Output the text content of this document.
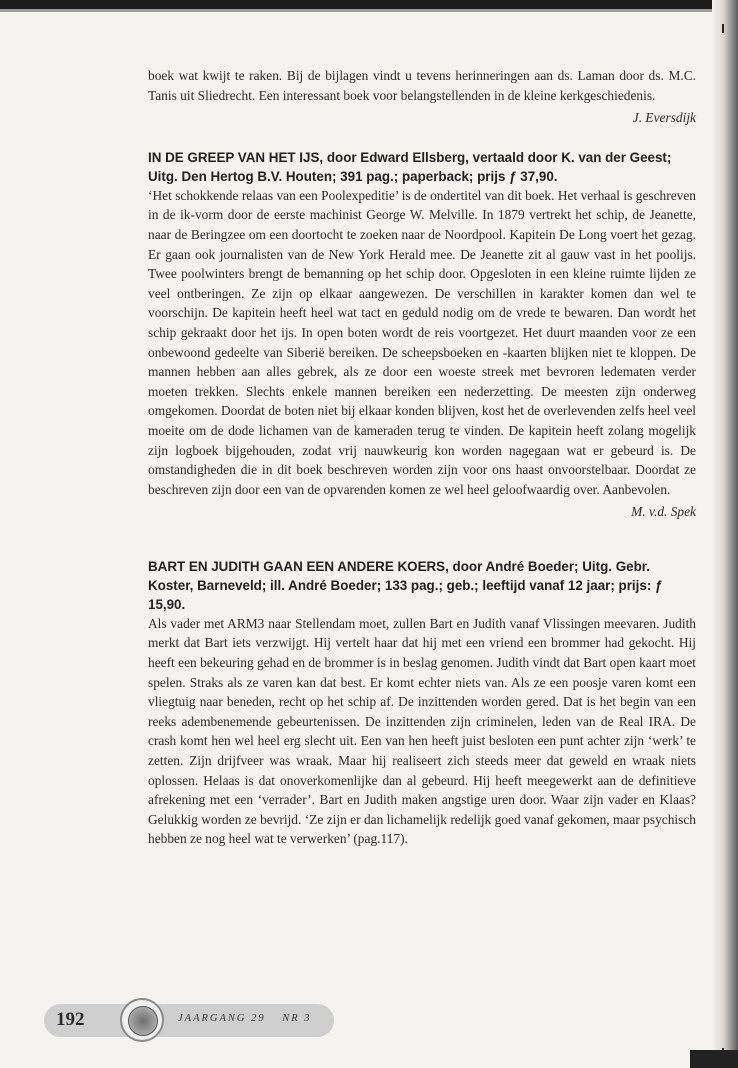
boek wat kwijt te raken. Bij de bijlagen vindt u tevens herinneringen aan ds. Laman door ds. M.C. Tanis uit Sliedrecht. Een interessant boek voor belangstellenden in de kleine kerkgeschiedenis.

J. Eversdijk

IN DE GREEP VAN HET IJS, door Edward Ellsberg, vertaald door K. van der Geest; Uitg. Den Hertog B.V. Houten; 391 pag.; paperback; prijs ƒ 37,90.

‘Het schokkende relaas van een Poolexpeditie’ is de ondertitel van dit boek. Het verhaal is geschreven in de ik-vorm door de eerste machinist George W. Melville. In 1879 vertrekt het schip, de Jeanette, naar de Beringzee om een doortocht te zoeken naar de Noordpool. Kapitein De Long voert het gezag. Er gaan ook journalisten van de New York Herald mee. De Jeanette zit al gauw vast in het poolijs. Twee poolwinters brengt de bemanning op het schip door. Opgesloten in een kleine ruimte lijden ze veel ontberingen. Ze zijn op elkaar aangewezen. De verschillen in karakter komen dan wel te voorschijn. De kapitein heeft heel wat tact en geduld nodig om de vrede te bewaren. Dan wordt het schip gekraakt door het ijs. In open boten wordt de reis voortgezet. Het duurt maanden voor ze een onbewoond gedeelte van Siberië bereiken. De scheepsboeken en -kaarten blijken niet te kloppen. De mannen hebben aan alles gebrek, als ze door een woeste streek met bevroren ledematen verder moeten trekken. Slechts enkele mannen bereiken een nederzetting. De meesten zijn onderweg omgekomen. Doordat de boten niet bij elkaar konden blijven, kost het de overlevenden zelfs heel veel moeite om de dode lichamen van de kameraden terug te vinden. De kapitein heeft zolang mogelijk zijn logboek bijgehouden, zodat vrij nauwkeurig kon worden nagegaan wat er gebeurd is. De omstandigheden die in dit boek beschreven worden zijn voor ons haast onvoorstelbaar. Doordat ze beschreven zijn door een van de opvarenden komen ze wel heel geloofwaardig over. Aanbevolen.

M. v.d. Spek

BART EN JUDITH GAAN EEN ANDERE KOERS, door André Boeder; Uitg. Gebr. Koster, Barneveld; ill. André Boeder; 133 pag.; geb.; leeftijd vanaf 12 jaar; prijs: ƒ 15,90.

Als vader met ARM3 naar Stellendam moet, zullen Bart en Judith vanaf Vlissingen meevaren. Judith merkt dat Bart iets verzwijgt. Hij vertelt haar dat hij met een vriend een brommer had gekocht. Hij heeft een bekeuring gehad en de brommer is in beslag genomen. Judith vindt dat Bart open kaart moet spelen. Straks als ze varen kan dat best. Er komt echter niets van. Als ze een poosje varen komt een vliegtuig naar beneden, recht op het schip af. De inzittenden worden gered. Dat is het begin van een reeks adembenemende gebeurtenissen. De inzittenden zijn criminelen, leden van de Real IRA. De crash komt hen wel heel erg slecht uit. Een van hen heeft juist besloten een punt achter zijn ‘werk’ te zetten. Zijn drijfveer was wraak. Maar hij realiseert zich steeds meer dat geweld en wraak niets oplossen. Helaas is dat onoverkomenlijke dan al gebeurd. Hij heeft meegewerkt aan de definitieve afrekening met een ‘verrader’. Bart en Judith maken angstige uren door. Waar zijn vader en Klaas? Gelukkig worden ze bevrijd. ‘Ze zijn er dan lichamelijk redelijk goed vanaf gekomen, maar psychisch hebben ze nog heel wat te verwerken’ (pag.117).

192	JAARGANG 29 NR 3
